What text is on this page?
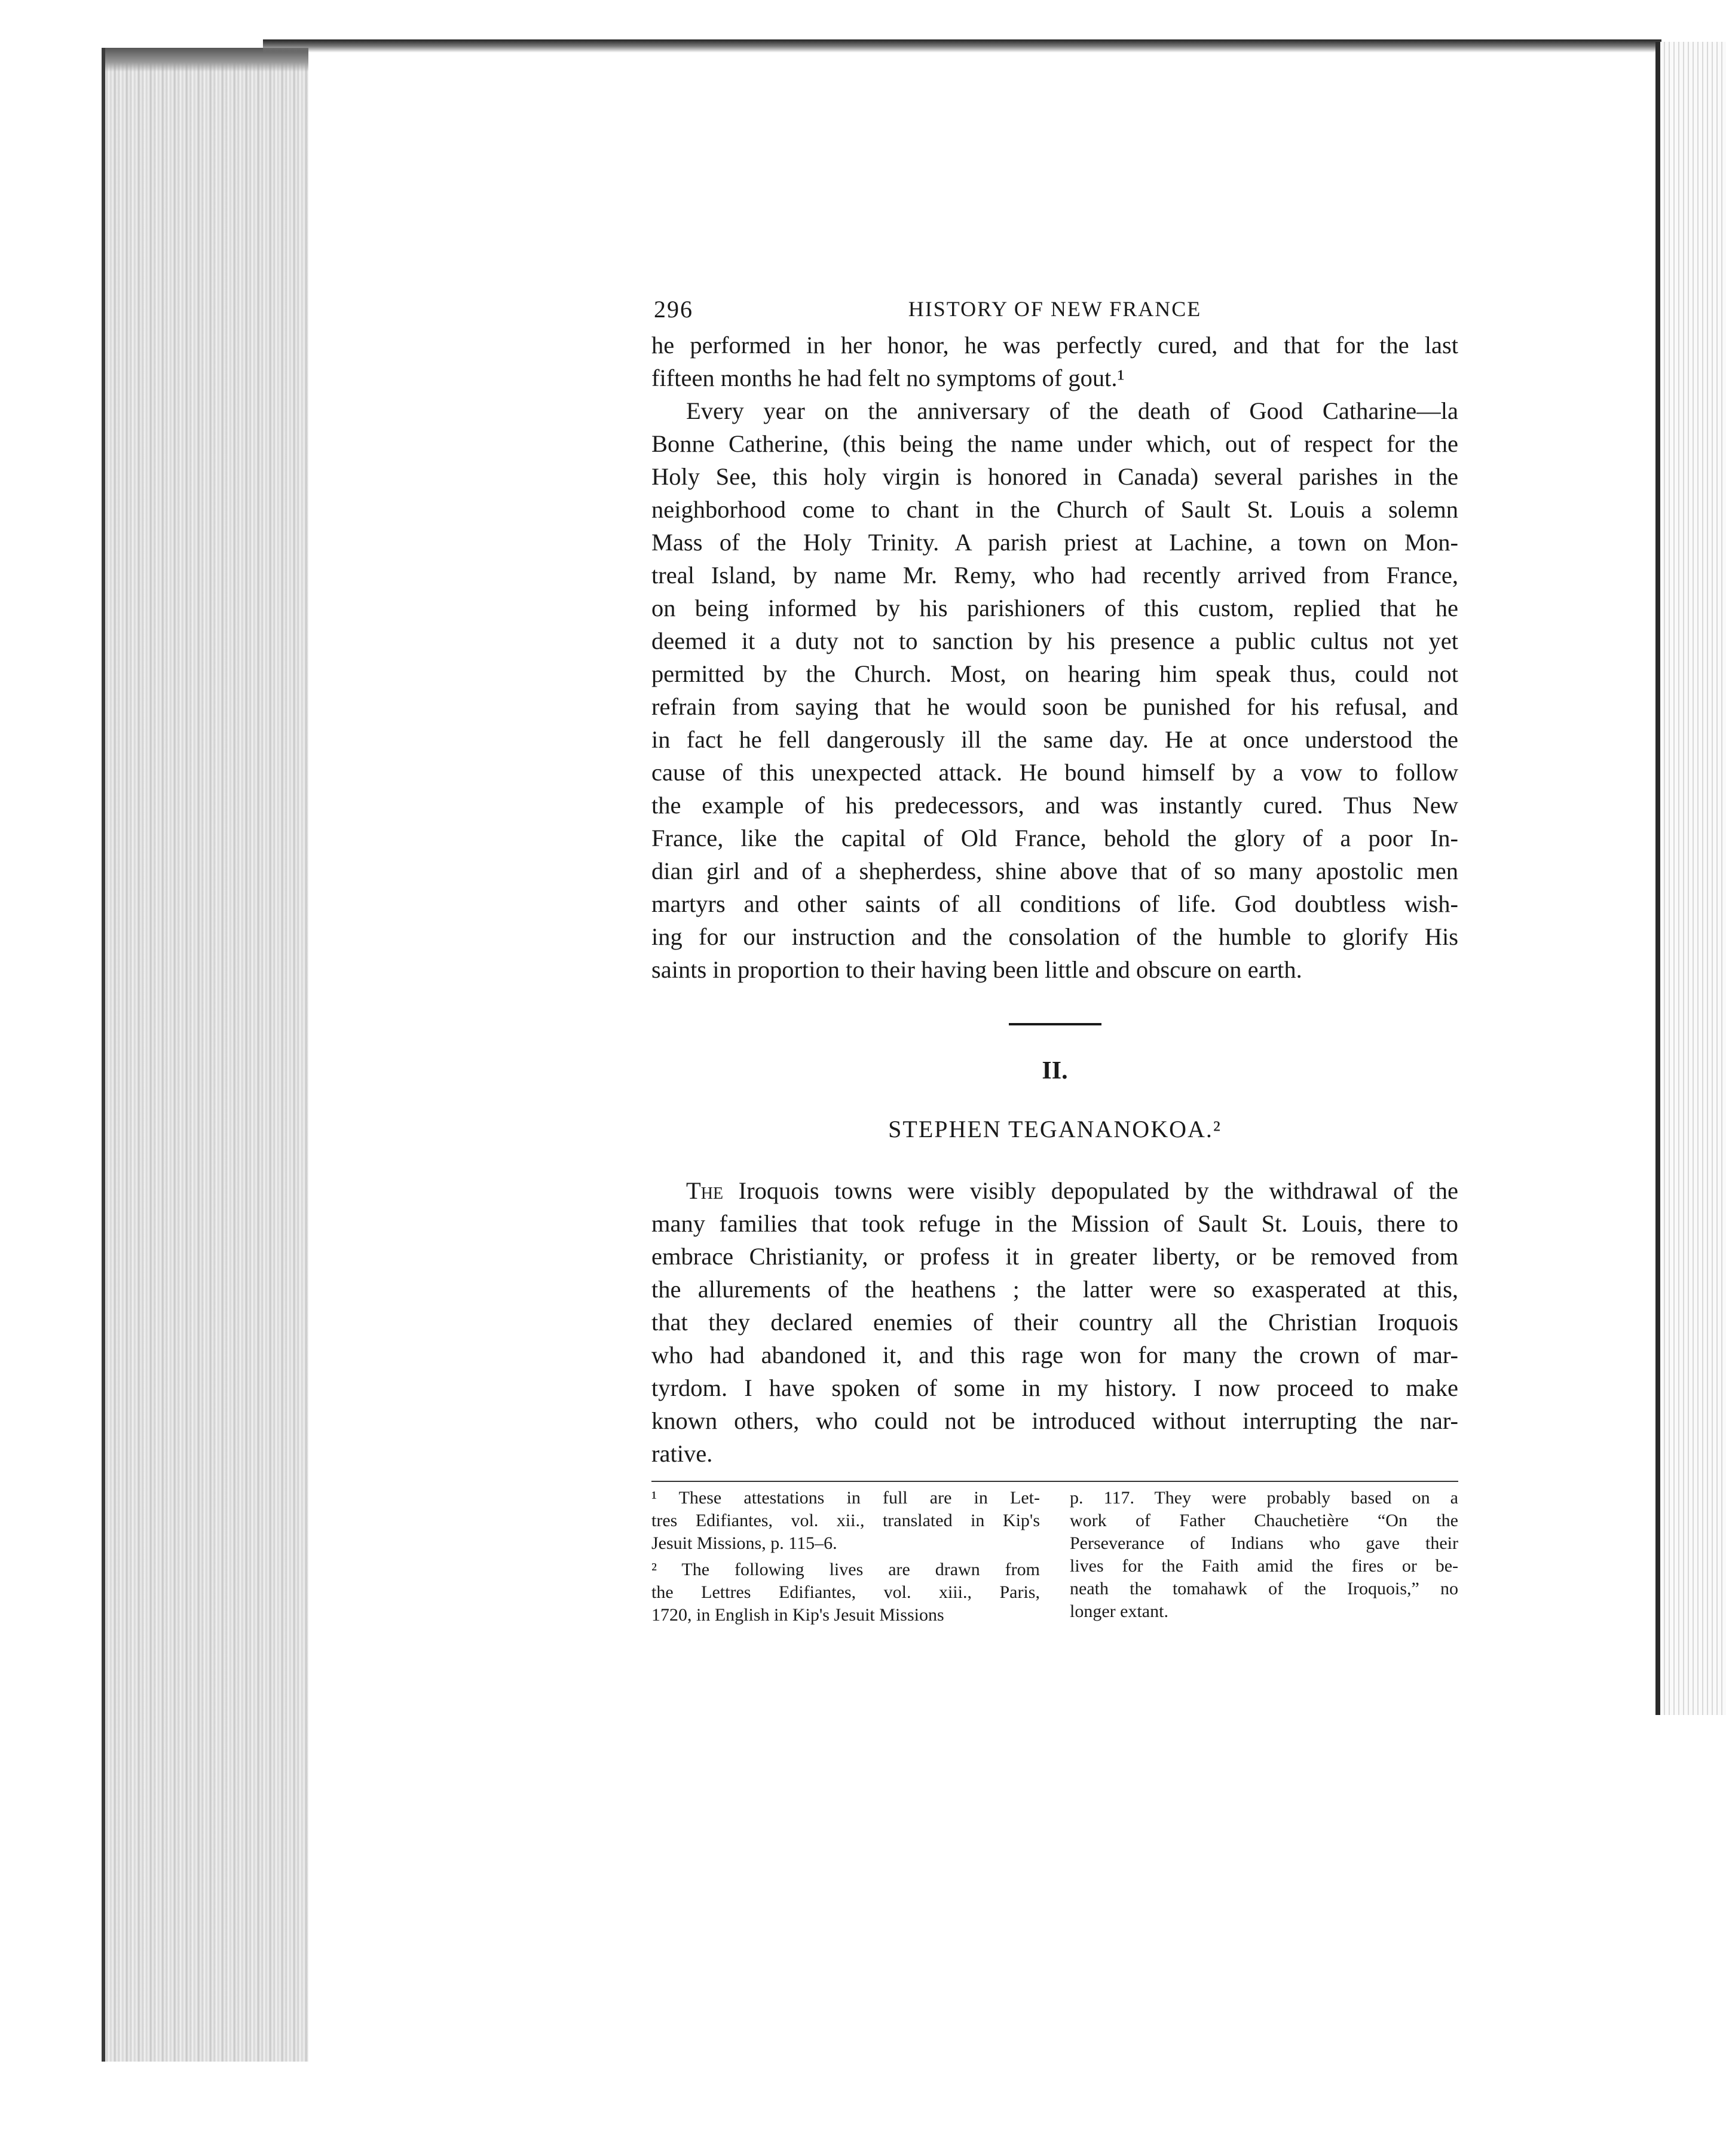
296	HISTORY OF NEW FRANCE

he performed in her honor, he was perfectly cured, and that for the last
fifteen months he had felt no symptoms of gout.¹

Every year on the anniversary of the death of Good Catharine—la
Bonne Catherine, (this being the name under which, out of respect for the
Holy See, this holy virgin is honored in Canada) several parishes in the
neighborhood come to chant in the Church of Sault St. Louis a solemn
Mass of the Holy Trinity. A parish priest at Lachine, a town on Mon-
treal Island, by name Mr. Remy, who had recently arrived from France,
on being informed by his parishioners of this custom, replied that he
deemed it a duty not to sanction by his presence a public cultus not yet
permitted by the Church. Most, on hearing him speak thus, could not
refrain from saying that he would soon be punished for his refusal, and
in fact he fell dangerously ill the same day. He at once understood the
cause of this unexpected attack. He bound himself by a vow to follow
the example of his predecessors, and was instantly cured. Thus New
France, like the capital of Old France, behold the glory of a poor In-
dian girl and of a shepherdess, shine above that of so many apostolic men
martyrs and other saints of all conditions of life. God doubtless wish-
ing for our instruction and the consolation of the humble to glorify His
saints in proportion to their having been little and obscure on earth.

II.
STEPHEN TEGANANOKOA.²

The Iroquois towns were visibly depopulated by the withdrawal of the
many families that took refuge in the Mission of Sault St. Louis, there to
embrace Christianity, or profess it in greater liberty, or be removed from
the allurements of the heathens ; the latter were so exasperated at this,
that they declared enemies of their country all the Christian Iroquois
who had abandoned it, and this rage won for many the crown of mar-
tyrdom. I have spoken of some in my history. I now proceed to make
known others, who could not be introduced without interrupting the nar-
rative.

¹ These attestations in full are in Let-
tres Edifiantes, vol. xii., translated in Kip's
Jesuit Missions, p. 115–6.
² The following lives are drawn from
the Lettres Edifiantes, vol. xiii., Paris,
1720, in English in Kip's Jesuit Missions
p. 117. They were probably based on a
work of Father Chauchetière “On the
Perseverance of Indians who gave their
lives for the Faith amid the fires or be-
neath the tomahawk of the Iroquois,” no
longer extant.
